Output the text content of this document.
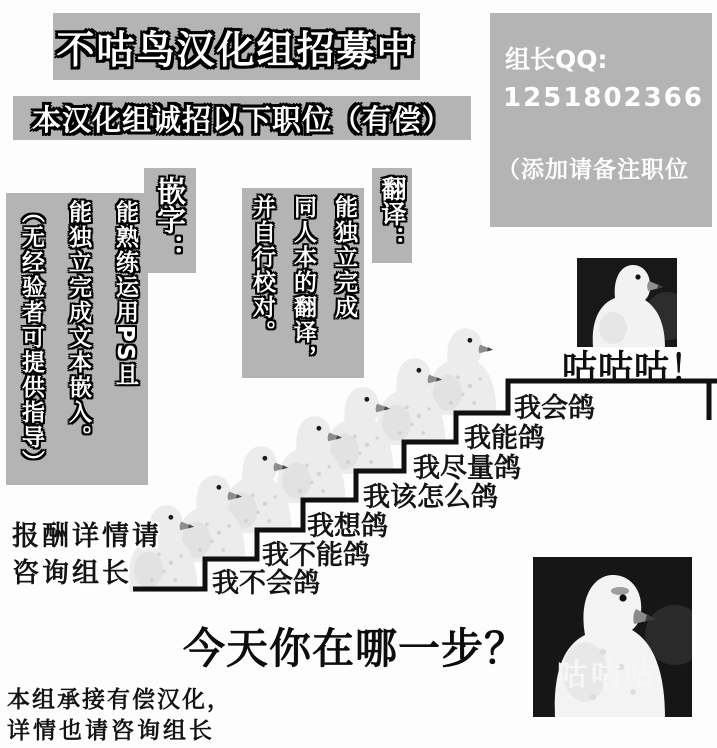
不咕鸟汉化组招募中
本汉化组诚招以下职位（有偿）
组长QQ:
1251802366
（添加请备注职位
嵌字：
能熟练运用PS且
能独立完成文本嵌入。
（无经验者可提供指导）	翻译：
能独立完成
同人本的翻译，
并自行校对。
我不会鸽
我不能鸽
我想鸽
我该怎么鸽
我尽量鸽
我能鸽
我会鸽
咕咕咕！
咕咕咕
报酬详情请
咨询组长
今天你在哪一步？
本组承接有偿汉化，
详情也请咨询组长
